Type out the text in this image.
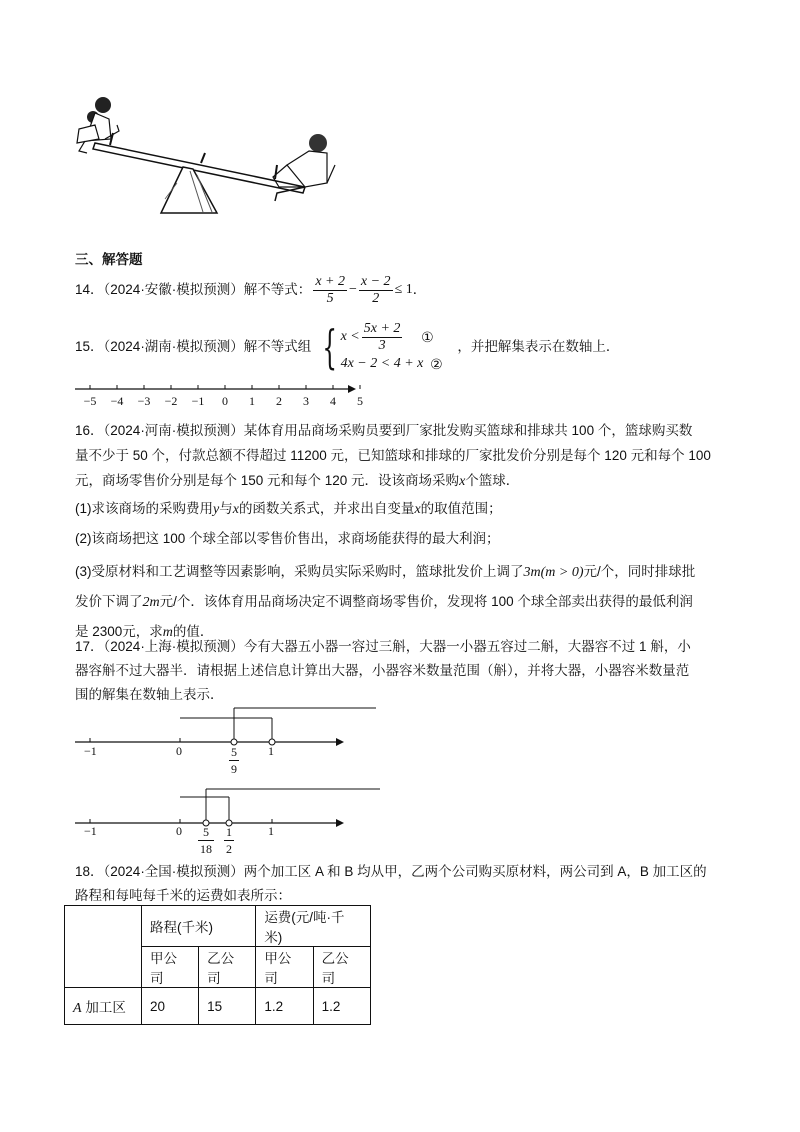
三、解答题
14 ．（2024·安徽·模拟预测）解不等式： $\frac{x + 2}{5} - \frac{x - 2}{2} \le 1$ ．
15 ．（2024·湖南·模拟预测）解不等式组 { $x < \frac{5x + 2}{3}$ ①
4x − 2 < 4 + x ②
，并把解集表示在数轴上．
−5	−4	−3	−2	−1	0	1	2	3	4	5
16．（2024·河南·模拟预测）某体育用品商场采购员要到厂家批发购买篮球和排球共 100 个，篮球购买数
量不少于 50 个，付款总额不得超过 11200 元，已知篮球和排球的厂家批发价分别是每个 120 元和每个 100
元，商场零售价分别是每个 150 元和每个 120 元．设该商场采购x个篮球．
(1)求该商场的采购费用y与x的函数关系式，并求出自变量x的取值范围；
(2)该商场把这 100 个球全部以零售价售出，求商场能获得的最大利润；
(3)受原材料和工艺调整等因素影响，采购员实际采购时，篮球批发价上调了3m(m > 0)元/个，同时排球批
发价下调了2m元/个．该体育用品商场决定不调整商场零售价，发现将 100 个球全部卖出获得的最低利润
是 2300元，求m的值．
17．（2024·上海·模拟预测）今有大器五小器一容过三斛，大器一小器五容过二斛，大器容不过 1 斛，小
器容斛不过大器半．请根据上述信息计算出大器，小器容米数量范围（斛），并将大器，小器容米数量范
围的解集在数轴上表示．
−1	0	1
$\frac{5}{9}$
−1	0	1
$\frac{5}{18} \frac{1}{2}$
18．（2024·全国·模拟预测）两个加工区 A 和 B 均从甲，乙两个公司购买原材料，两公司到 A，B 加工区的
路程和每吨每千米的运费如表所示：
	路程(千米)		运费(元/吨·千米)	
	甲公司	乙公司	甲公司	乙公司
A 加工区	20	15	1.2	1.2
